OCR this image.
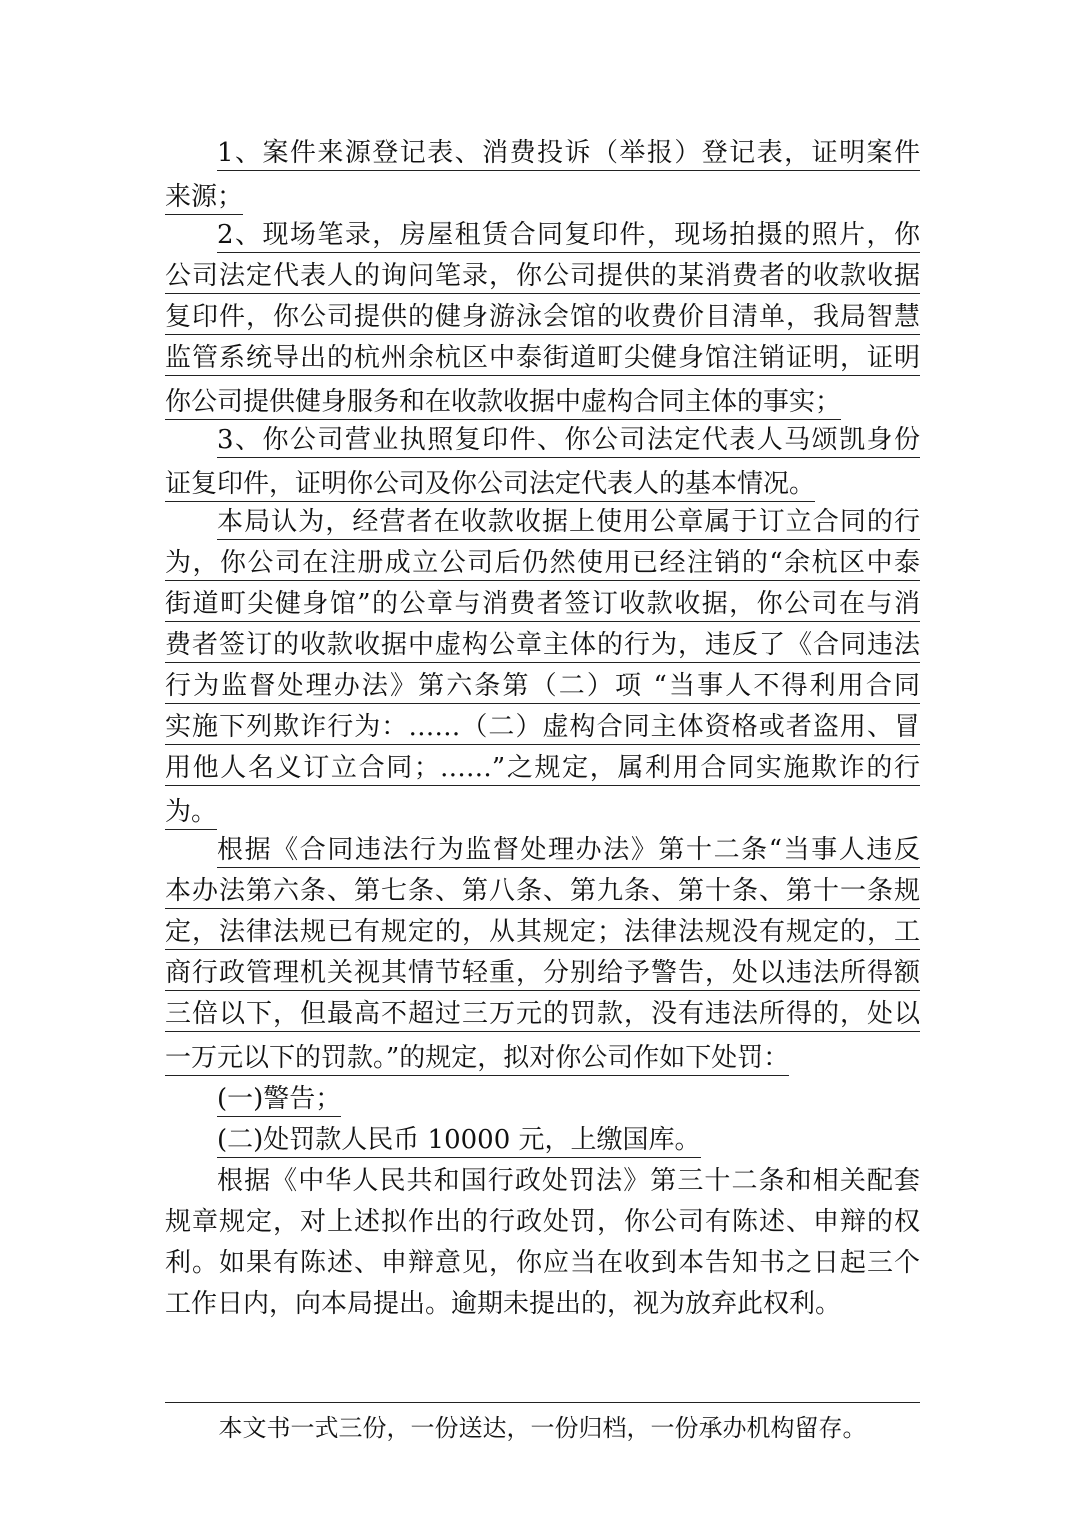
1、案件来源登记表、消费投诉（举报）登记表，证明案件
来源；
2、现场笔录，房屋租赁合同复印件，现场拍摄的照片，你
公司法定代表人的询问笔录，你公司提供的某消费者的收款收据
复印件，你公司提供的健身游泳会馆的收费价目清单，我局智慧
监管系统导出的杭州余杭区中泰街道町尖健身馆注销证明，证明
你公司提供健身服务和在收款收据中虚构合同主体的事实；
3、你公司营业执照复印件、你公司法定代表人马颂凯身份
证复印件，证明你公司及你公司法定代表人的基本情况。
本局认为，经营者在收款收据上使用公章属于订立合同的行
为，你公司在注册成立公司后仍然使用已经注销的“余杭区中泰
街道町尖健身馆”的公章与消费者签订收款收据，你公司在与消
费者签订的收款收据中虚构公章主体的行为，违反了《合同违法
行为监督处理办法》第六条第（二）项 “当事人不得利用合同
实施下列欺诈行为：……（二）虚构合同主体资格或者盗用、冒
用他人名义订立合同；……”之规定，属利用合同实施欺诈的行
为。
根据《合同违法行为监督处理办法》第十二条“当事人违反
本办法第六条、第七条、第八条、第九条、第十条、第十一条规
定，法律法规已有规定的，从其规定；法律法规没有规定的，工
商行政管理机关视其情节轻重，分别给予警告，处以违法所得额
三倍以下，但最高不超过三万元的罚款，没有违法所得的，处以
一万元以下的罚款。”的规定，拟对你公司作如下处罚：
(一)警告；
(二)处罚款人民币 10000 元，上缴国库。
根据《中华人民共和国行政处罚法》第三十二条和相关配套
规章规定，对上述拟作出的行政处罚，你公司有陈述、申辩的权
利。如果有陈述、申辩意见，你应当在收到本告知书之日起三个
工作日内，向本局提出。逾期未提出的，视为放弃此权利。
本文书一式三份，一份送达，一份归档，一份承办机构留存。
